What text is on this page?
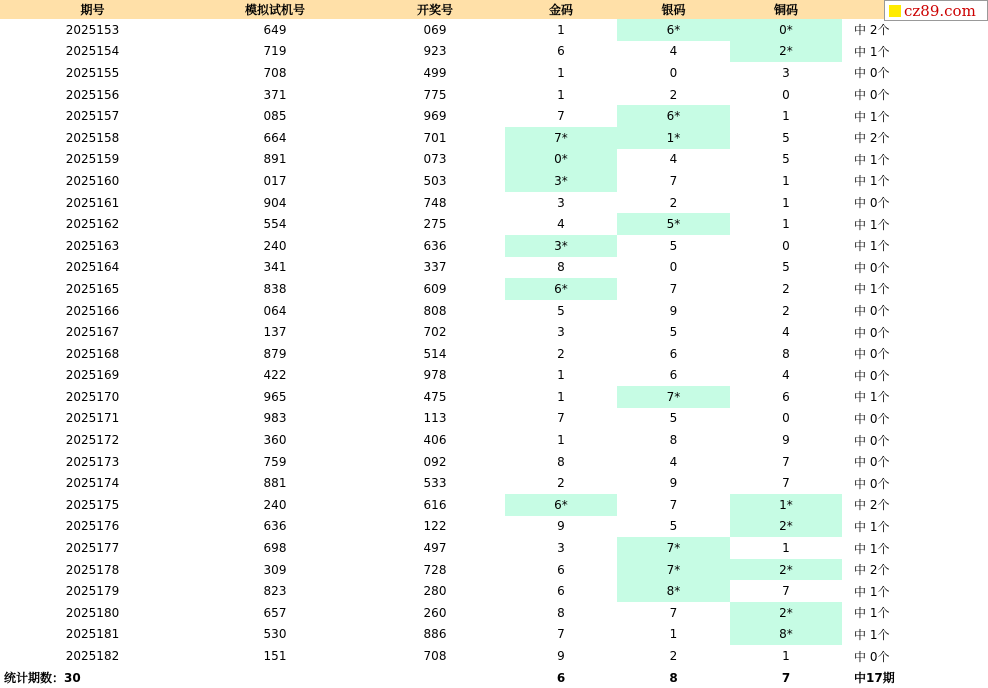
期号	模拟试机号	开奖号	金码	银码	铜码	
2025153	649	069	1	6*	0*	中 2个
2025154	719	923	6	4	2*	中 1个
2025155	708	499	1	0	3	中 0个
2025156	371	775	1	2	0	中 0个
2025157	085	969	7	6*	1	中 1个
2025158	664	701	7*	1*	5	中 2个
2025159	891	073	0*	4	5	中 1个
2025160	017	503	3*	7	1	中 1个
2025161	904	748	3	2	1	中 0个
2025162	554	275	4	5*	1	中 1个
2025163	240	636	3*	5	0	中 1个
2025164	341	337	8	0	5	中 0个
2025165	838	609	6*	7	2	中 1个
2025166	064	808	5	9	2	中 0个
2025167	137	702	3	5	4	中 0个
2025168	879	514	2	6	8	中 0个
2025169	422	978	1	6	4	中 0个
2025170	965	475	1	7*	6	中 1个
2025171	983	113	7	5	0	中 0个
2025172	360	406	1	8	9	中 0个
2025173	759	092	8	4	7	中 0个
2025174	881	533	2	9	7	中 0个
2025175	240	616	6*	7	1*	中 2个
2025176	636	122	9	5	2*	中 1个
2025177	698	497	3	7*	1	中 1个
2025178	309	728	6	7*	2*	中 2个
2025179	823	280	6	8*	7	中 1个
2025180	657	260	8	7	2*	中 1个
2025181	530	886	7	1	8*	中 1个
2025182	151	708	9	2	1	中 0个
统计期数：30			6	8	7	中17期
cz89.com
